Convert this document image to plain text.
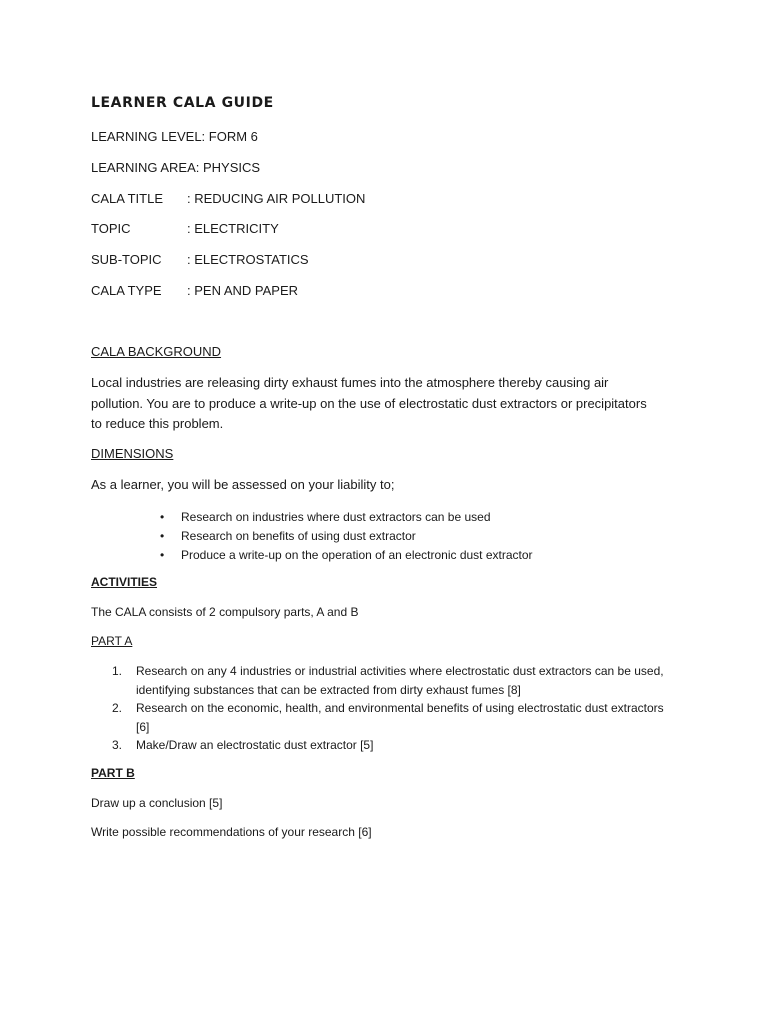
LEARNER CALA GUIDE

LEARNING LEVEL: FORM 6

LEARNING AREA: PHYSICS

CALA TITLE : REDUCING AIR POLLUTION

TOPIC	: ELECTRICITY

SUB-TOPIC : ELECTROSTATICS

CALA TYPE : PEN AND PAPER

CALA BACKGROUND

Local industries are releasing dirty exhaust fumes into the atmosphere thereby causing air pollution. You are to produce a write-up on the use of electrostatic dust extractors or precipitators to reduce this problem.

DIMENSIONS

As a learner, you will be assessed on your liability to;

• Research on industries where dust extractors can be used
• Research on benefits of using dust extractor
• Produce a write-up on the operation of an electronic dust extractor

ACTIVITIES

The CALA consists of 2 compulsory parts, A and B

PART A

1. Research on any 4 industries or industrial activities where electrostatic dust extractors can be used, identifying substances that can be extracted from dirty exhaust fumes [8]
2. Research on the economic, health, and environmental benefits of using electrostatic dust extractors [6]
3. Make/Draw an electrostatic dust extractor [5]

PART B

Draw up a conclusion [5]

Write possible recommendations of your research [6]
